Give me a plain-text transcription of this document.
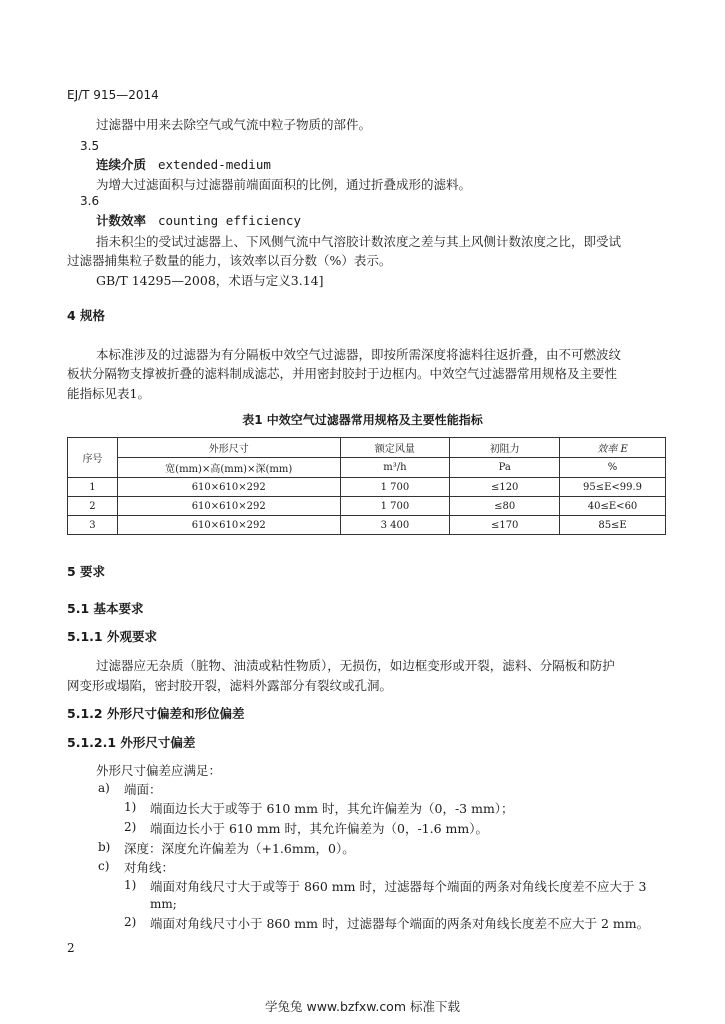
EJ/T 915—2014
过滤器中用来去除空气或气流中粒子物质的部件。
3.5
连续介质 extended-medium
为增大过滤面积与过滤器前端面面积的比例，通过折叠成形的滤料。
3.6
计数效率 counting efficiency
指未积尘的受试过滤器上、下风侧气流中气溶胶计数浓度之差与其上风侧计数浓度之比，即受试
过滤器捕集粒子数量的能力，该效率以百分数（%）表示。
GB/T 14295—2008，术语与定义3.14]
4 规格
本标准涉及的过滤器为有分隔板中效空气过滤器，即按所需深度将滤料往返折叠，由不可燃波纹
板状分隔物支撑被折叠的滤料制成滤芯，并用密封胶封于边框内。中效空气过滤器常用规格及主要性
能指标见表1。
表1 中效空气过滤器常用规格及主要性能指标
序号	外形尺寸	额定风量	初阻力	效率 E
	宽(mm)×高(mm)×深(mm)	m³/h	Pa	%
1	610×610×292	1 700	≤120	95≤E<99.9
2	610×610×292	1 700	≤80	40≤E<60
3	610×610×292	3 400	≤170	85≤E
5 要求
5.1 基本要求
5.1.1 外观要求
过滤器应无杂质（脏物、油渍或粘性物质），无损伤，如边框变形或开裂，滤料、分隔板和防护
网变形或塌陷，密封胶开裂，滤料外露部分有裂纹或孔洞。
5.1.2 外形尺寸偏差和形位偏差
5.1.2.1 外形尺寸偏差
外形尺寸偏差应满足：
a) 端面：
1) 端面边长大于或等于 610 mm 时，其允许偏差为（0，-3 mm）；
2) 端面边长小于 610 mm 时，其允许偏差为（0，-1.6 mm）。
b) 深度：深度允许偏差为（+1.6mm，0）。
c) 对角线：
1) 端面对角线尺寸大于或等于 860 mm 时，过滤器每个端面的两条对角线长度差不应大于 3
mm;
2) 端面对角线尺寸小于 860 mm 时，过滤器每个端面的两条对角线长度差不应大于 2 mm。
2
学兔兔 www.bzfxw.com 标准下载
